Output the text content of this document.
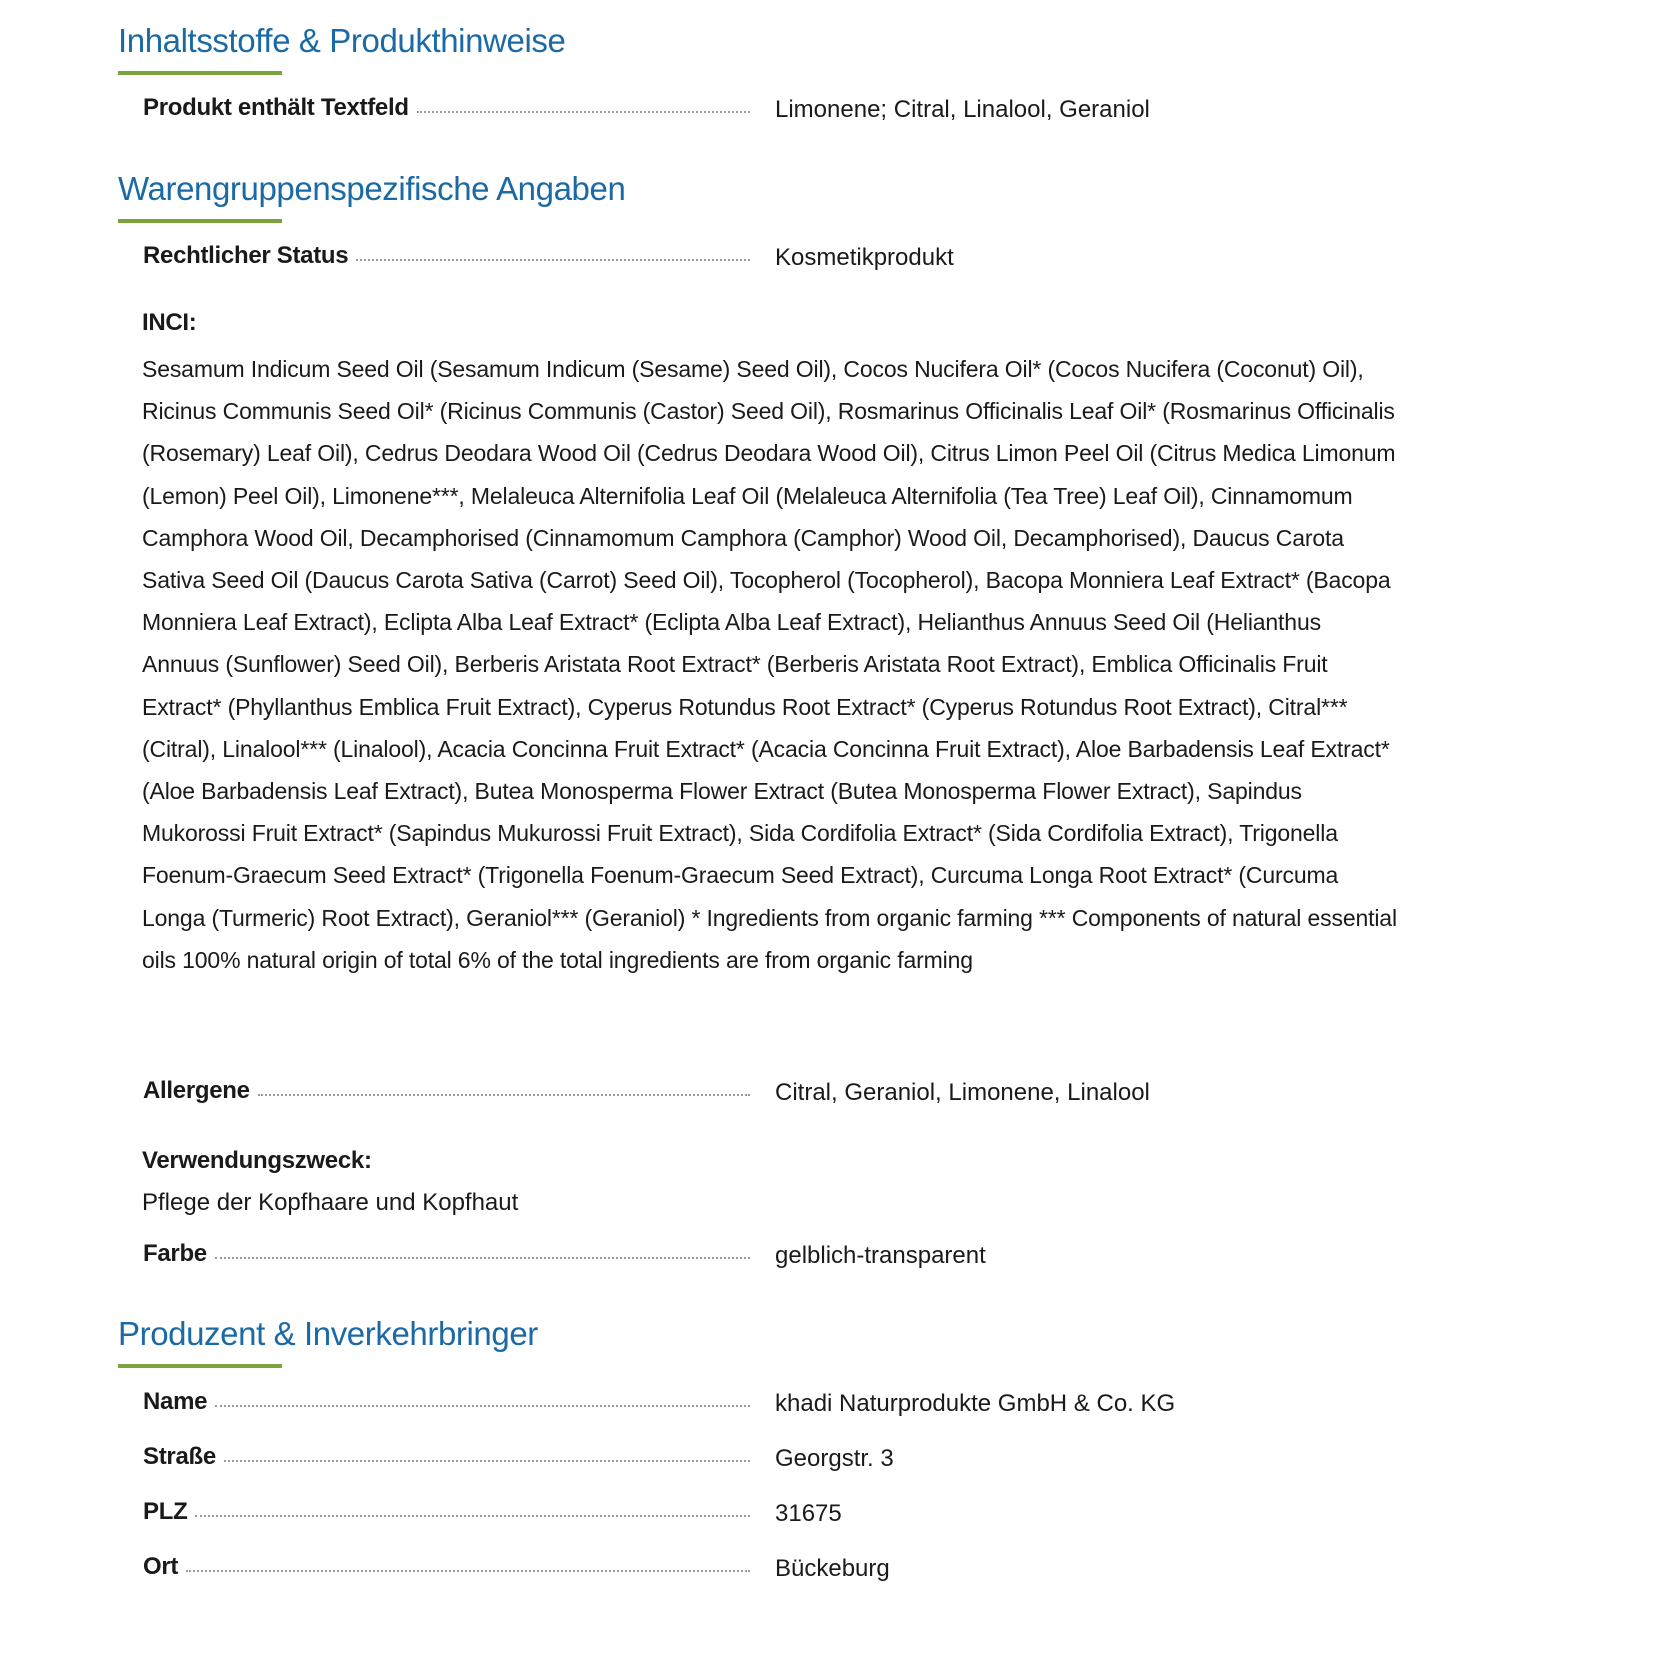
Inhaltsstoffe & Produkthinweise
Produkt enthält Textfeld	Limonene; Citral, Linalool, Geraniol
Warengruppenspezifische Angaben
Rechtlicher Status	Kosmetikprodukt
INCI:

Sesamum Indicum Seed Oil (Sesamum Indicum (Sesame) Seed Oil), Cocos Nucifera Oil* (Cocos Nucifera (Coconut) Oil), Ricinus Communis Seed Oil* (Ricinus Communis (Castor) Seed Oil), Rosmarinus Officinalis Leaf Oil* (Rosmarinus Officinalis (Rosemary) Leaf Oil), Cedrus Deodara Wood Oil (Cedrus Deodara Wood Oil), Citrus Limon Peel Oil (Citrus Medica Limonum (Lemon) Peel Oil), Limonene***, Melaleuca Alternifolia Leaf Oil (Melaleuca Alternifolia (Tea Tree) Leaf Oil), Cinnamomum Camphora Wood Oil, Decamphorised (Cinnamomum Camphora (Camphor) Wood Oil, Decamphorised), Daucus Carota Sativa Seed Oil (Daucus Carota Sativa (Carrot) Seed Oil), Tocopherol (Tocopherol), Bacopa Monniera Leaf Extract* (Bacopa Monniera Leaf Extract), Eclipta Alba Leaf Extract* (Eclipta Alba Leaf Extract), Helianthus Annuus Seed Oil (Helianthus Annuus (Sunflower) Seed Oil), Berberis Aristata Root Extract* (Berberis Aristata Root Extract), Emblica Officinalis Fruit Extract* (Phyllanthus Emblica Fruit Extract), Cyperus Rotundus Root Extract* (Cyperus Rotundus Root Extract), Citral*** (Citral), Linalool*** (Linalool), Acacia Concinna Fruit Extract* (Acacia Concinna Fruit Extract), Aloe Barbadensis Leaf Extract* (Aloe Barbadensis Leaf Extract), Butea Monosperma Flower Extract (Butea Monosperma Flower Extract), Sapindus Mukorossi Fruit Extract* (Sapindus Mukurossi Fruit Extract), Sida Cordifolia Extract* (Sida Cordifolia Extract), Trigonella Foenum-Graecum Seed Extract* (Trigonella Foenum-Graecum Seed Extract), Curcuma Longa Root Extract* (Curcuma Longa (Turmeric) Root Extract), Geraniol*** (Geraniol) * Ingredients from organic farming *** Components of natural essential oils 100% natural origin of total 6% of the total ingredients are from organic farming

Allergene	Citral, Geraniol, Limonene, Linalool
Verwendungszweck:
Pflege der Kopfhaare und Kopfhaut
Farbe	gelblich-transparent
Produzent & Inverkehrbringer
Name	khadi Naturprodukte GmbH & Co. KG
Straße	Georgstr. 3
PLZ	31675
Ort	Bückeburg
